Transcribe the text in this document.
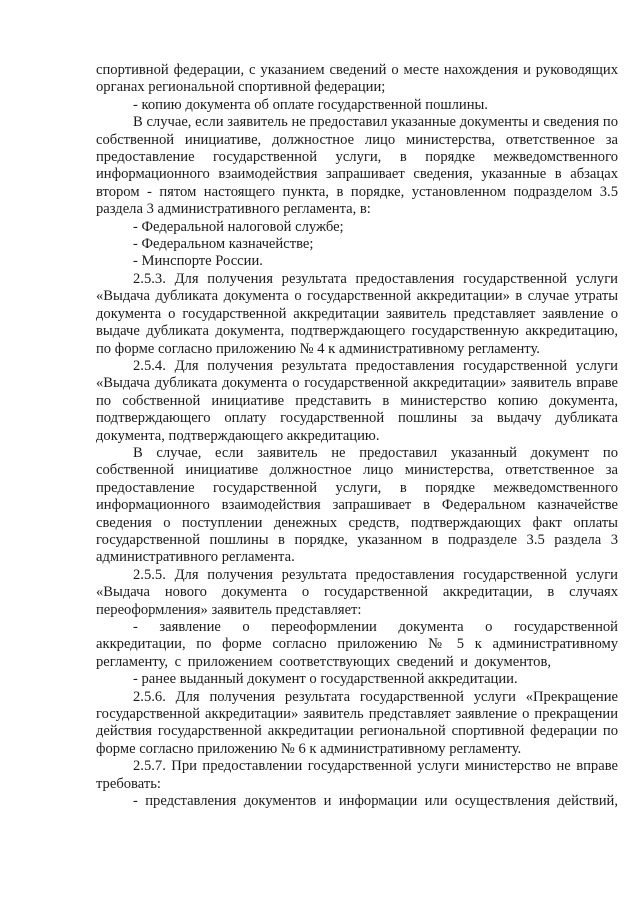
спортивной федерации, с указанием сведений о месте нахождения и руководящих органах региональной спортивной федерации;

- копию документа об оплате государственной пошлины.

В случае, если заявитель не предоставил указанные документы и сведения по собственной инициативе, должностное лицо министерства, ответственное за предоставление государственной услуги, в порядке межведомственного информационного взаимодействия запрашивает сведения, указанные в абзацах втором - пятом настоящего пункта, в порядке, установленном подразделом 3.5 раздела 3 административного регламента, в:

- Федеральной налоговой службе;

- Федеральном казначействе;

- Минспорте России.

2.5.3. Для получения результата предоставления государственной услуги «Выдача дубликата документа о государственной аккредитации» в случае утраты документа о государственной аккредитации заявитель представляет заявление о выдаче дубликата документа, подтверждающего государственную аккредитацию, по форме согласно приложению № 4 к административному регламенту.

2.5.4. Для получения результата предоставления государственной услуги «Выдача дубликата документа о государственной аккредитации» заявитель вправе по собственной инициативе представить в министерство копию документа, подтверждающего оплату государственной пошлины за выдачу дубликата документа, подтверждающего аккредитацию.

В случае, если заявитель не предоставил указанный документ по собственной инициативе должностное лицо министерства, ответственное за предоставление государственной услуги, в порядке межведомственного информационного взаимодействия запрашивает в Федеральном казначействе сведения о поступлении денежных средств, подтверждающих факт оплаты государственной пошлины в порядке, указанном в подразделе 3.5 раздела 3 административного регламента.

2.5.5. Для получения результата предоставления государственной услуги «Выдача нового документа о государственной аккредитации, в случаях переоформления» заявитель представляет:

- заявление о переоформлении документа о государственной аккредитации, по форме согласно приложению № 5 к административному регламенту, с приложением соответствующих сведений и документов,

- ранее выданный документ о государственной аккредитации.

2.5.6. Для получения результата государственной услуги «Прекращение государственной аккредитации» заявитель представляет заявление о прекращении действия государственной аккредитации региональной спортивной федерации по форме согласно приложению № 6 к административному регламенту.

2.5.7. При предоставлении государственной услуги министерство не вправе требовать:

- представления документов и информации или осуществления действий,
